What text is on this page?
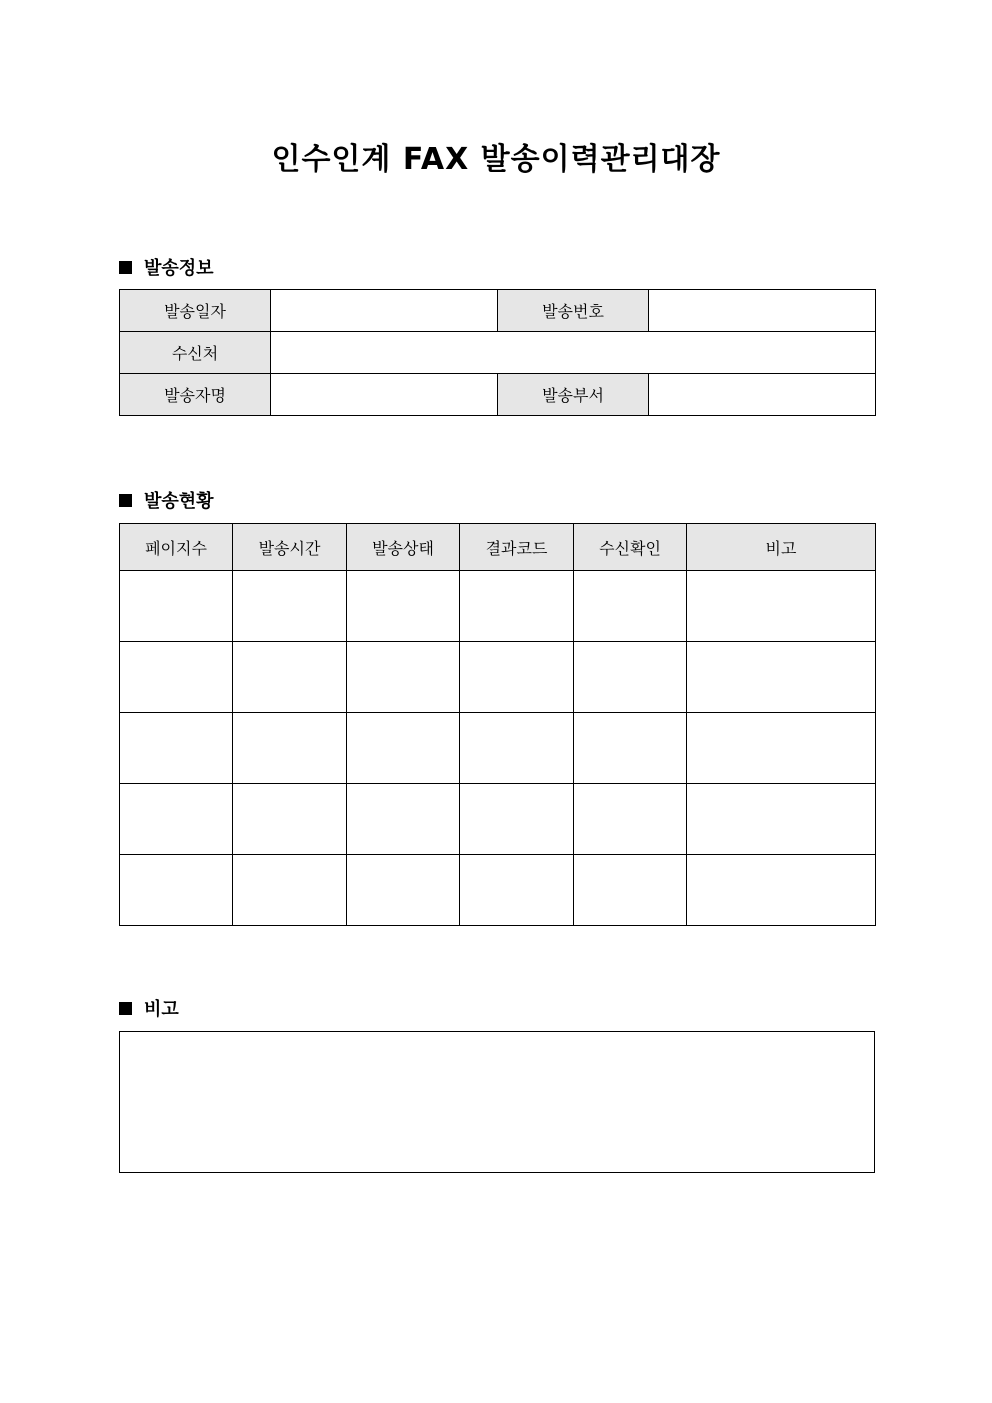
인수인계 FAX 발송이력관리대장
발송정보
발송일자		발송번호	
수신처			
발송자명		발송부서	
발송현황
페이지수	발송시간	발송상태	결과코드	수신확인	비고

비고
